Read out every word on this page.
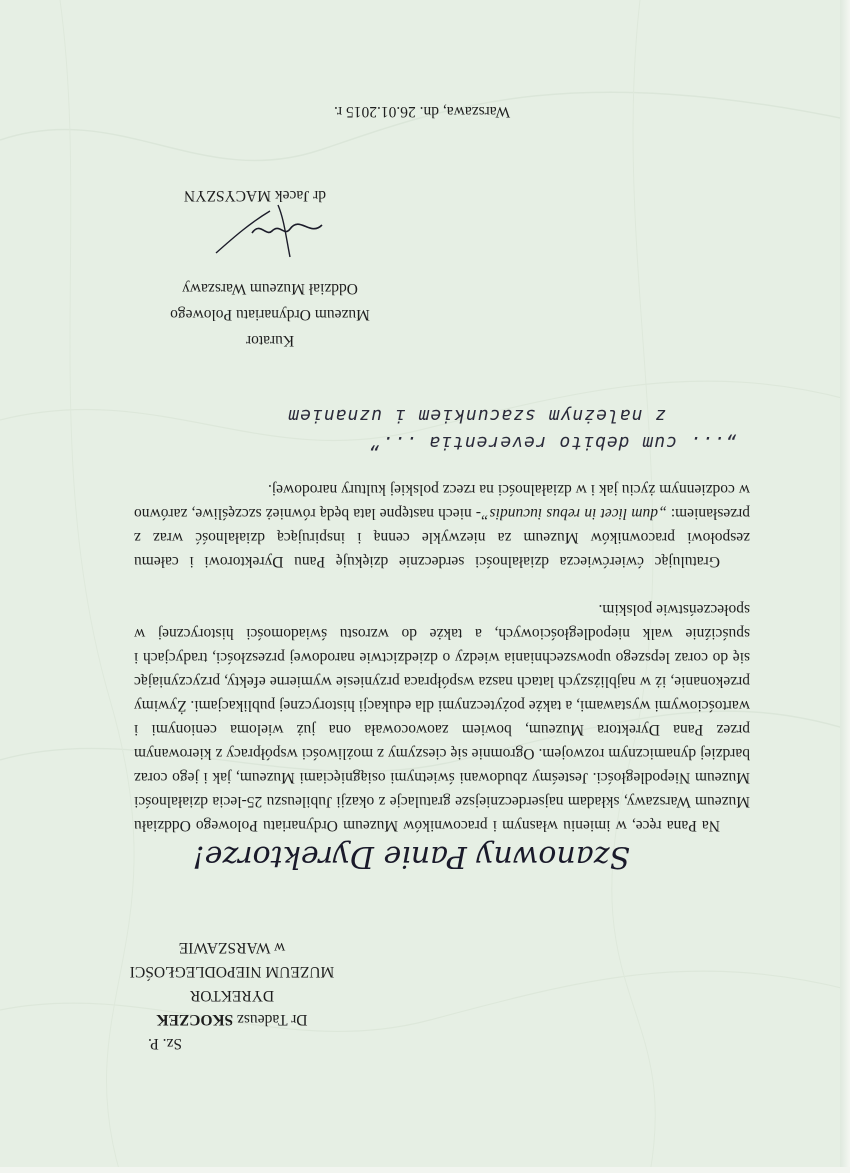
Sz. P.
Dr Tadeusz SKOCZEK
DYREKTOR
MUZEUM NIEPODLEGŁOŚCI
w WARSZAWIE
Szanowny Panie Dyrektorze!

Na Pana ręce, w imieniu własnym i pracowników Muzeum Ordynariatu Polowego Oddziału Muzeum Warszawy, składam najserdeczniejsze gratulacje z okazji Jubileuszu 25-lecia działalności Muzeum Niepodległości. Jesteśmy zbudowani świetnymi osiągnięciami Muzeum, jak i jego coraz bardziej dynamicznym rozwojem. Ogromnie się cieszymy z możliwości współpracy z kierowanym przez Pana Dyrektora Muzeum, bowiem zaowocowała ona już wieloma cenionymi i wartościowymi wystawami, a także pożytecznymi dla edukacji historycznej publikacjami. Żywimy przekonanie, iż w najbliższych latach nasza współpraca przyniesie wymierne efekty, przyczyniając się do coraz lepszego upowszechniania wiedzy o dziedzictwie narodowej przeszłości, tradycjach i spuściźnie walk niepodległościowych, a także do wzrostu świadomości historycznej w społeczeństwie polskim.

Gratulując ćwierćwiecza działalności serdecznie dziękuję Panu Dyrektorowi i całemu zespołowi pracowników Muzeum za niezwykle cenną i inspirującą działalność wraz z przesłaniem: „dum licet in rebus iucundis”- niech następne lata będą również szczęśliwe, zarówno w codziennym życiu jak i w działalności na rzecz polskiej kultury narodowej.

„... cum debito reverentia ...”
z należnym szacunkiem i uznaniem
Kurator
Muzeum Ordynariatu Polowego
Oddział Muzeum Warszawy
dr Jacek MACYSZYN
Warszawa, dn. 26.01.2015 r.
